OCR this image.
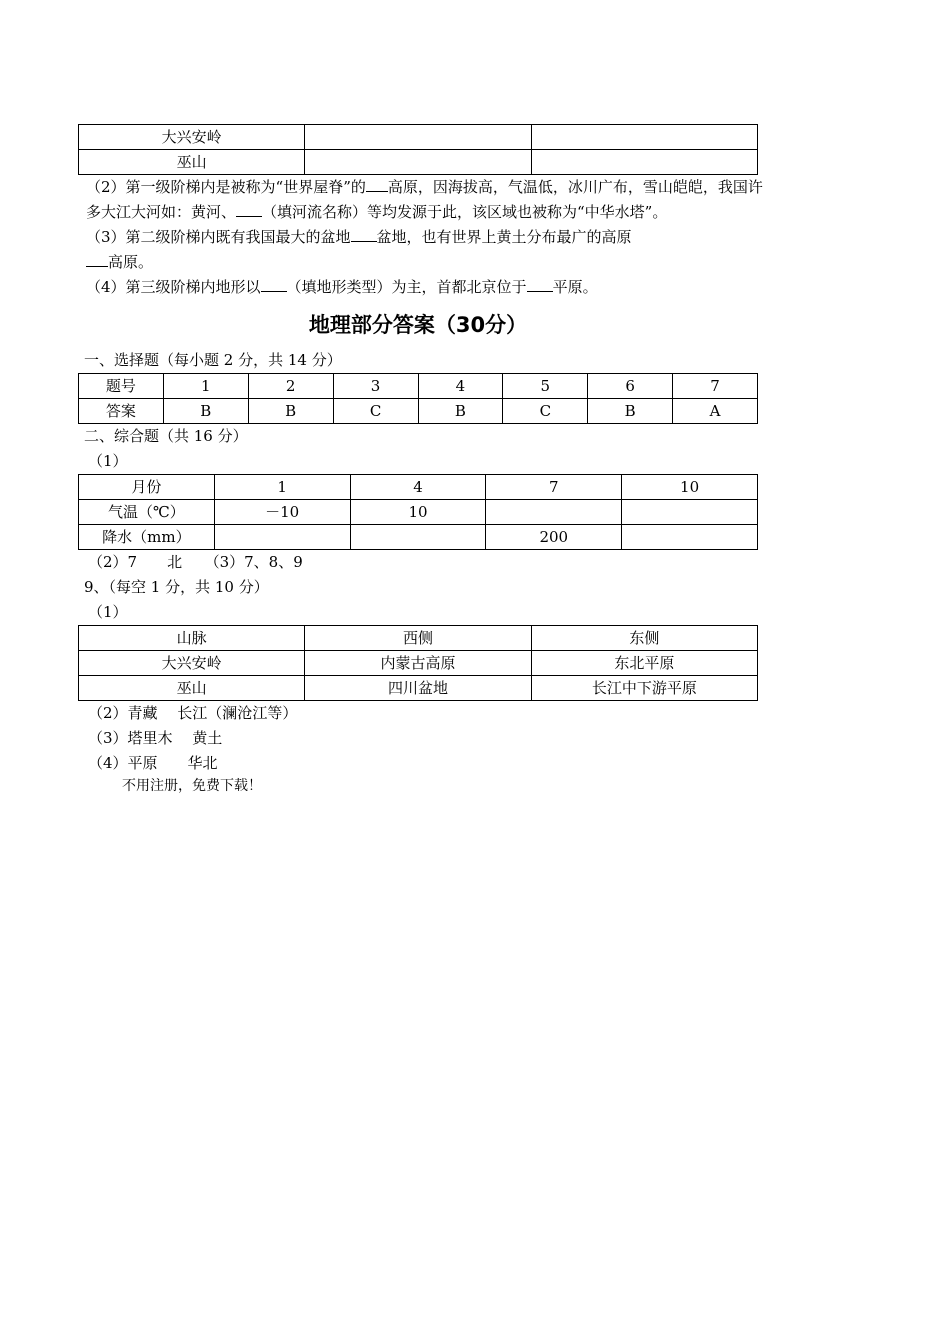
大兴安岭		
巫山		

（2）第一级阶梯内是被称为“世界屋脊”的 高原，因海拔高，气温低，冰川广布，雪山皑皑，我国许

多大江大河如：黄河、 （填河流名称）等均发源于此，该区域也被称为“中华水塔”。

（3）第二级阶梯内既有我国最大的盆地 盆地，也有世界上黄土分布最广的高原

高原。

（4）第三级阶梯内地形以 （填地形类型）为主，首都北京位于 平原。

地理部分答案（30分）

一、选择题（每小题 2 分，共 14 分）

题号	1	2	3	4	5	6	7
答案	B	B	C	B	C	B	A

二、综合题（共 16 分）

（1）

月份	1	4	7	10
气温（℃）	－10	10		
降水（mm）			200	

（2）7　　北　　（3）7、8、9

9、（每空 1 分，共 10 分）

（1）

山脉	西侧	东侧
大兴安岭	内蒙古高原	东北平原
巫山	四川盆地	长江中下游平原

（2）青藏　 长江（澜沧江等）

（3）塔里木　 黄土

（4）平原　　华北

不用注册，免费下载！
